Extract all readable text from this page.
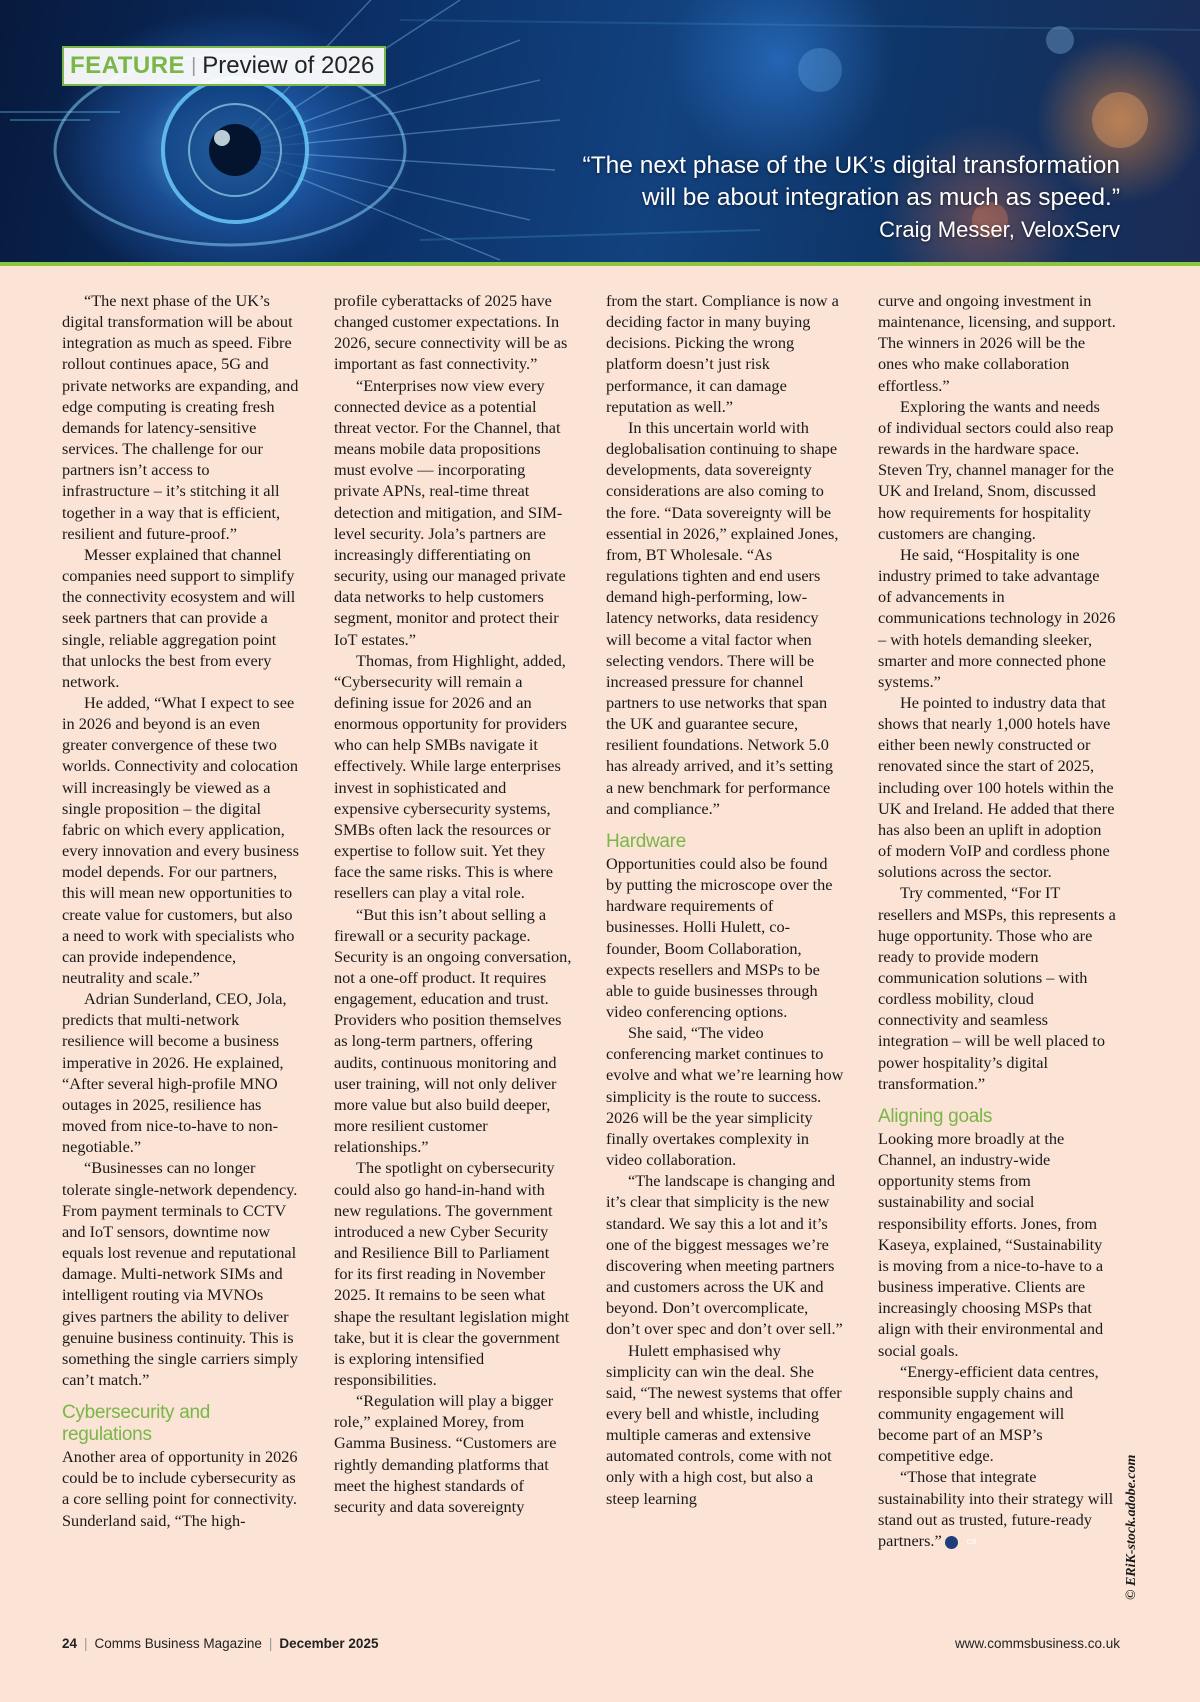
FEATURE | Preview of 2026
“The next phase of the UK’s digital transformation
will be about integration as much as speed.”
Craig Messer, VeloxServ

“The next phase of the UK’s digital transformation will be about integration as much as speed. Fibre rollout continues apace, 5G and private networks are expanding, and edge computing is creating fresh demands for latency-sensitive services. The challenge for our partners isn’t access to infrastructure – it’s stitching it all together in a way that is efficient, resilient and future-proof.”

Messer explained that channel companies need support to simplify the connectivity ecosystem and will seek partners that can provide a single, reliable aggregation point that unlocks the best from every network.

He added, “What I expect to see in 2026 and beyond is an even greater convergence of these two worlds. Connectivity and colocation will increasingly be viewed as a single proposition – the digital fabric on which every application, every innovation and every business model depends. For our partners, this will mean new opportunities to create value for customers, but also a need to work with specialists who can provide independence, neutrality and scale.”

Adrian Sunderland, CEO, Jola, predicts that multi-network resilience will become a business imperative in 2026. He explained, “After several high-profile MNO outages in 2025, resilience has moved from nice-to-have to non-negotiable.”

“Businesses can no longer tolerate single-network dependency. From payment terminals to CCTV and IoT sensors, downtime now equals lost revenue and reputational damage. Multi-network SIMs and intelligent routing via MVNOs gives partners the ability to deliver genuine business continuity. This is something the single carriers simply can’t match.”

Cybersecurity and regulations

Another area of opportunity in 2026 could be to include cybersecurity as a core selling point for connectivity. Sunderland said, “The high-

profile cyberattacks of 2025 have changed customer expectations. In 2026, secure connectivity will be as important as fast connectivity.”

“Enterprises now view every connected device as a potential threat vector. For the Channel, that means mobile data propositions must evolve — incorporating private APNs, real-time threat detection and mitigation, and SIM-level security. Jola’s partners are increasingly differentiating on security, using our managed private data networks to help customers segment, monitor and protect their IoT estates.”

Thomas, from Highlight, added, “Cybersecurity will remain a defining issue for 2026 and an enormous opportunity for providers who can help SMBs navigate it effectively. While large enterprises invest in sophisticated and expensive cybersecurity systems, SMBs often lack the resources or expertise to follow suit. Yet they face the same risks. This is where resellers can play a vital role.

“But this isn’t about selling a firewall or a security package. Security is an ongoing conversation, not a one-off product. It requires engagement, education and trust. Providers who position themselves as long-term partners, offering audits, continuous monitoring and user training, will not only deliver more value but also build deeper, more resilient customer relationships.”

The spotlight on cybersecurity could also go hand-in-hand with new regulations. The government introduced a new Cyber Security and Resilience Bill to Parliament for its first reading in November 2025. It remains to be seen what shape the resultant legislation might take, but it is clear the government is exploring intensified responsibilities.

“Regulation will play a bigger role,” explained Morey, from Gamma Business. “Customers are rightly demanding platforms that meet the highest standards of security and data sovereignty

from the start. Compliance is now a deciding factor in many buying decisions. Picking the wrong platform doesn’t just risk performance, it can damage reputation as well.”

In this uncertain world with deglobalisation continuing to shape developments, data sovereignty considerations are also coming to the fore. “Data sovereignty will be essential in 2026,” explained Jones, from, BT Wholesale. “As regulations tighten and end users demand high-performing, low-latency networks, data residency will become a vital factor when selecting vendors. There will be increased pressure for channel partners to use networks that span the UK and guarantee secure, resilient foundations. Network 5.0 has already arrived, and it’s setting a new benchmark for performance and compliance.”

Hardware

Opportunities could also be found by putting the microscope over the hardware requirements of businesses. Holli Hulett, co-founder, Boom Collaboration, expects resellers and MSPs to be able to guide businesses through video conferencing options.

She said, “The video conferencing market continues to evolve and what we’re learning how simplicity is the route to success. 2026 will be the year simplicity finally overtakes complexity in video collaboration.

“The landscape is changing and it’s clear that simplicity is the new standard. We say this a lot and it’s one of the biggest messages we’re discovering when meeting partners and customers across the UK and beyond. Don’t overcomplicate, don’t over spec and don’t over sell.”

Hulett emphasised why simplicity can win the deal. She said, “The newest systems that offer every bell and whistle, including multiple cameras and extensive automated controls, come with not only with a high cost, but also a steep learning

curve and ongoing investment in maintenance, licensing, and support. The winners in 2026 will be the ones who make collaboration effortless.”

Exploring the wants and needs of individual sectors could also reap rewards in the hardware space. Steven Try, channel manager for the UK and Ireland, Snom, discussed how requirements for hospitality customers are changing.

He said, “Hospitality is one industry primed to take advantage of advancements in communications technology in 2026 – with hotels demanding sleeker, smarter and more connected phone systems.”

He pointed to industry data that shows that nearly 1,000 hotels have either been newly constructed or renovated since the start of 2025, including over 100 hotels within the UK and Ireland. He added that there has also been an uplift in adoption of modern VoIP and cordless phone solutions across the sector.

Try commented, “For IT resellers and MSPs, this represents a huge opportunity. Those who are ready to provide modern communication solutions – with cordless mobility, cloud connectivity and seamless integration – will be well placed to power hospitality’s digital transformation.”

Aligning goals

Looking more broadly at the Channel, an industry-wide opportunity stems from sustainability and social responsibility efforts. Jones, from Kaseya, explained, “Sustainability is moving from a nice-to-have to a business imperative. Clients are increasingly choosing MSPs that align with their environmental and social goals.

“Energy-efficient data centres, responsible supply chains and community engagement will become part of an MSP’s competitive edge.

“Those that integrate sustainability into their strategy will stand out as trusted, future-ready partners.”	CB	© ERiK-stock.adobe.com
24 | Comms Business Magazine | December 2025	www.commsbusiness.co.uk
